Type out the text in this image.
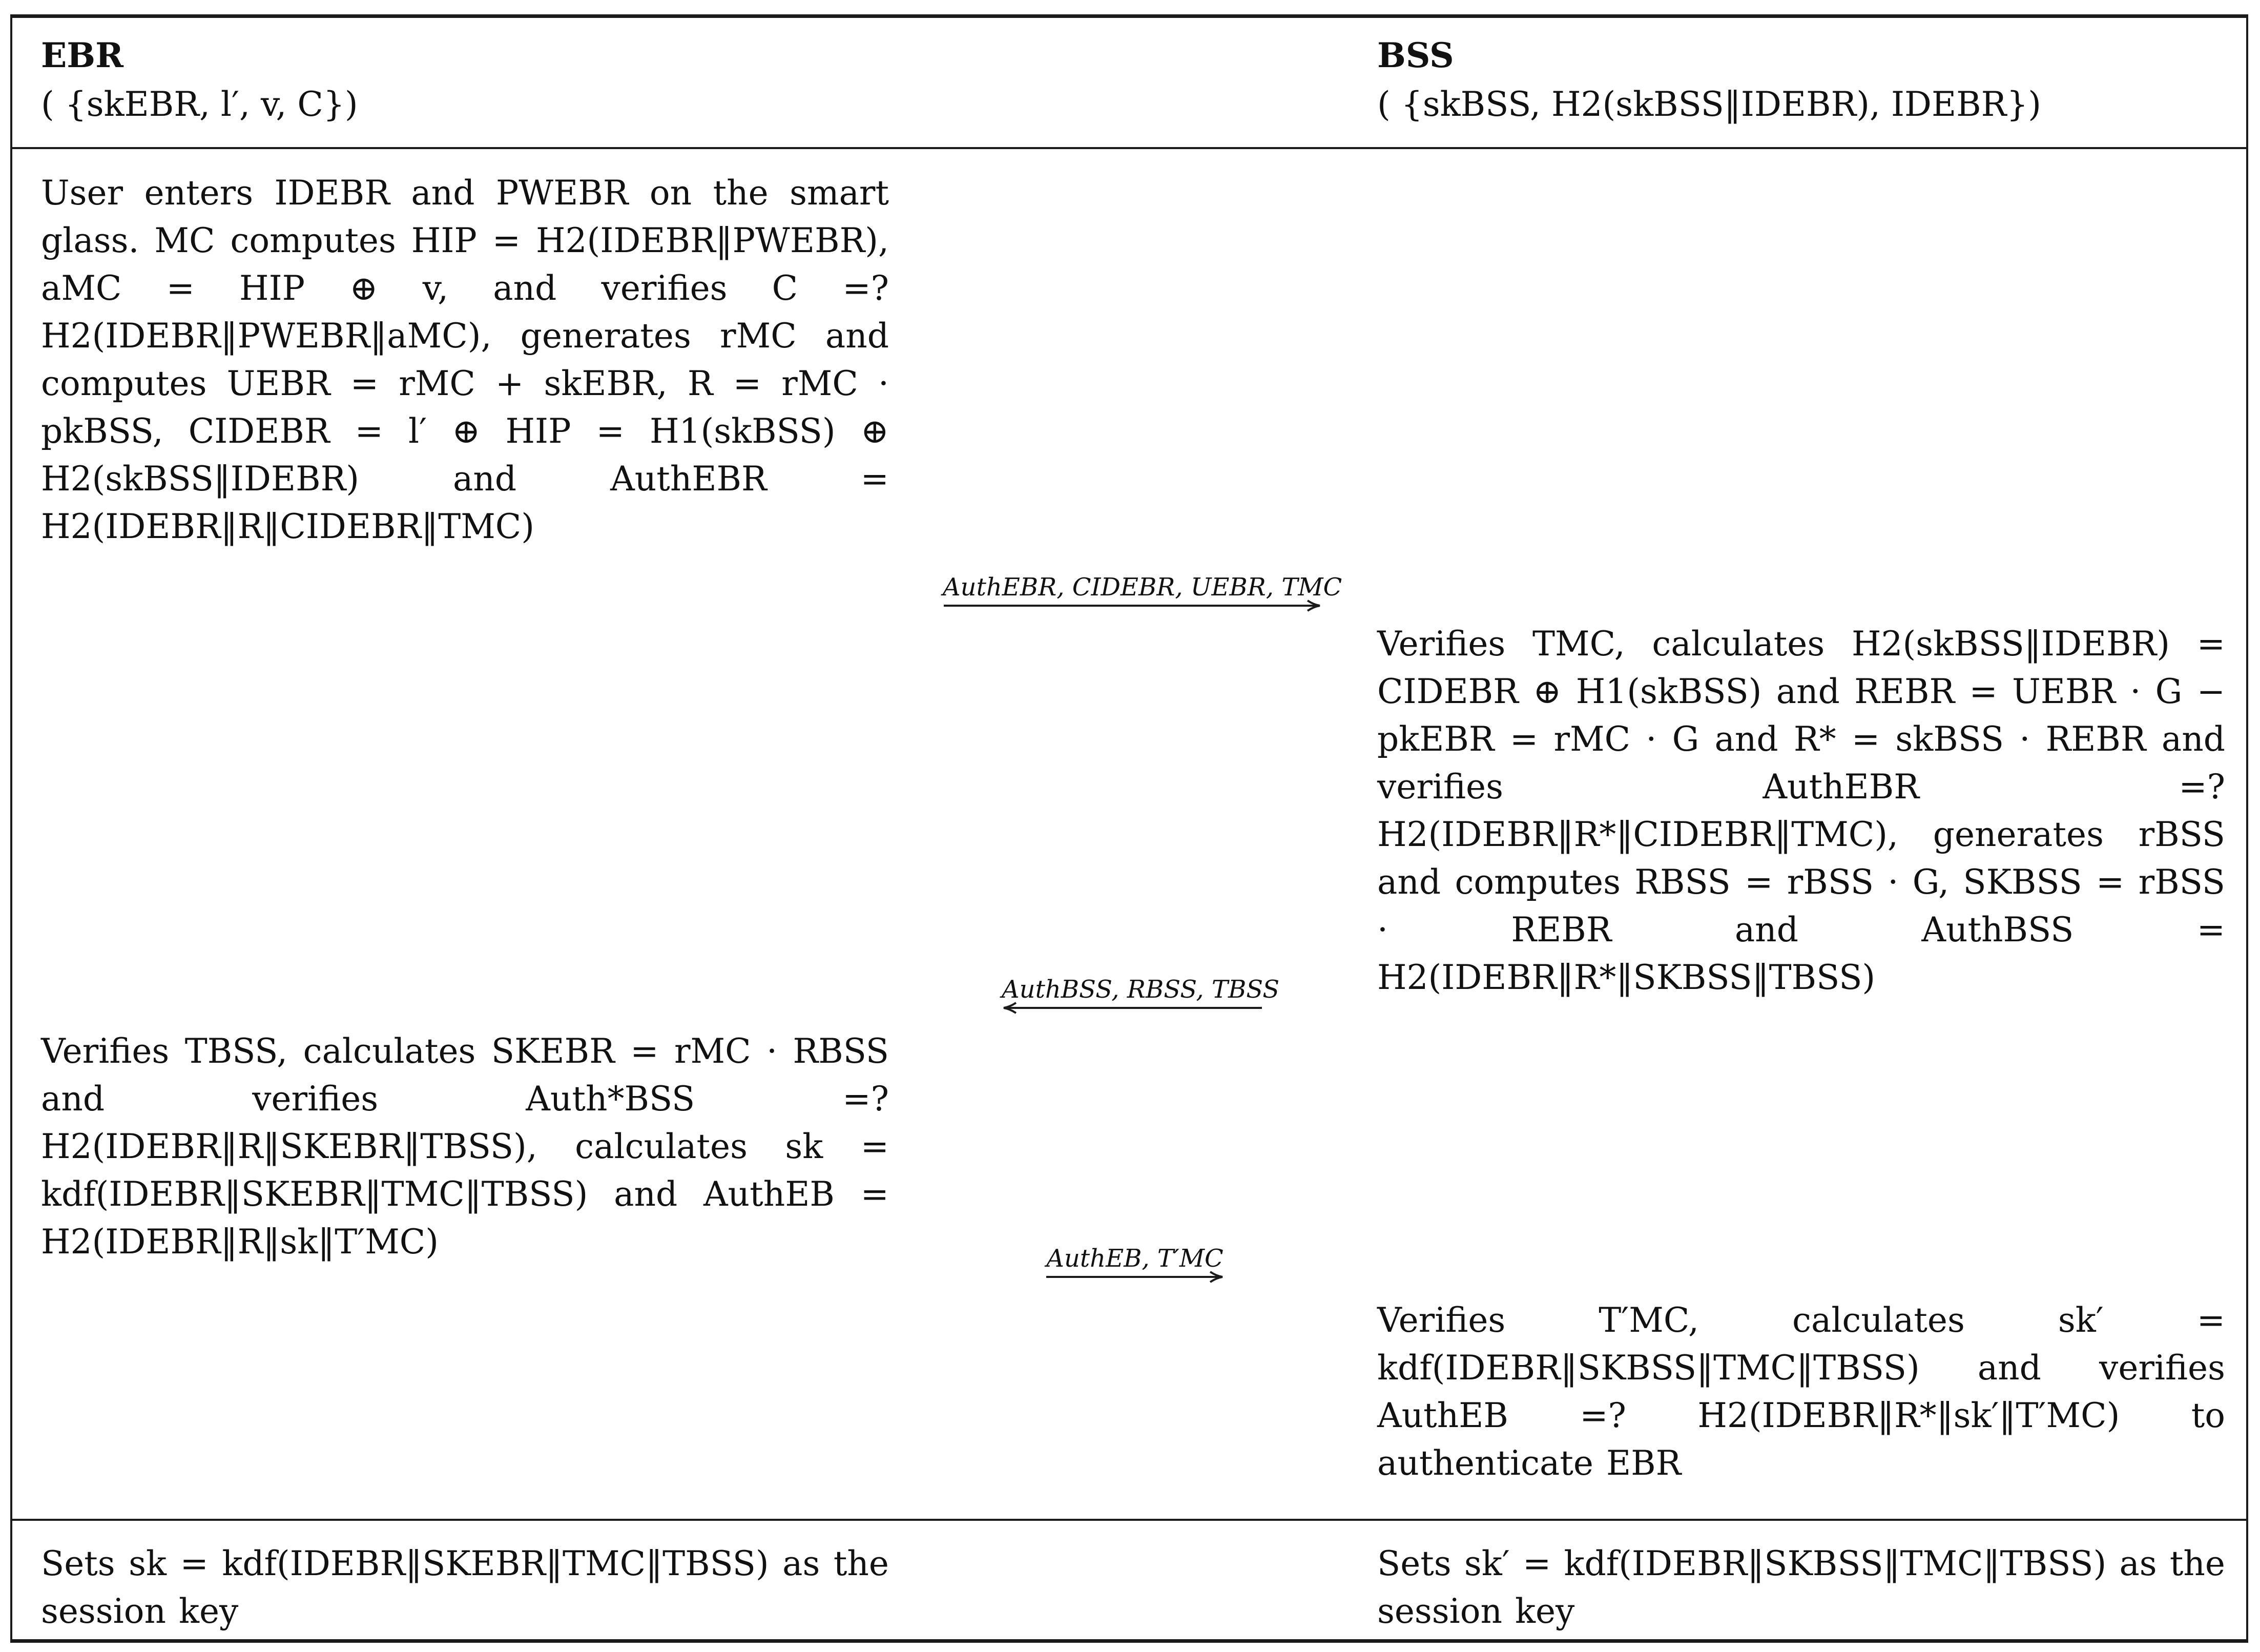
EBR
( {skEBR, l′, v, C})
BSS
( {skBSS, H2(skBSS‖IDEBR), IDEBR})
User enters IDEBR and PWEBR on the smart glass. MC computes HIP = H2(IDEBR‖PWEBR), aMC = HIP ⊕ v, and verifies C =? H2(IDEBR‖PWEBR‖aMC), generates rMC and computes UEBR = rMC + skEBR, R = rMC · pkBSS, CIDEBR = l′ ⊕ HIP = H1(skBSS) ⊕ H2(skBSS‖IDEBR) and AuthEBR = H2(IDEBR‖R‖CIDEBR‖TMC)
Verifies TMC, calculates H2(skBSS‖IDEBR) = CIDEBR ⊕ H1(skBSS) and REBR = UEBR · G − pkEBR = rMC · G and R* = skBSS · REBR and verifies AuthEBR =? H2(IDEBR‖R*‖CIDEBR‖TMC), generates rBSS and computes RBSS = rBSS · G, SKBSS = rBSS · REBR and AuthBSS = H2(IDEBR‖R*‖SKBSS‖TBSS)
Verifies TBSS, calculates SKEBR = rMC · RBSS and verifies Auth*BSS =? H2(IDEBR‖R‖SKEBR‖TBSS), calculates sk = kdf(IDEBR‖SKEBR‖TMC‖TBSS) and AuthEB = H2(IDEBR‖R‖sk‖T′MC)
Verifies T′MC, calculates sk′ = kdf(IDEBR‖SKBSS‖TMC‖TBSS) and verifies AuthEB =? H2(IDEBR‖R*‖sk′‖T′MC) to authenticate EBR
AuthEBR, CIDEBR, UEBR, TMC
AuthBSS, RBSS, TBSS
AuthEB, T′MC
Sets sk = kdf(IDEBR‖SKEBR‖TMC‖TBSS) as the session key
Sets sk′ = kdf(IDEBR‖SKBSS‖TMC‖TBSS) as the session key
